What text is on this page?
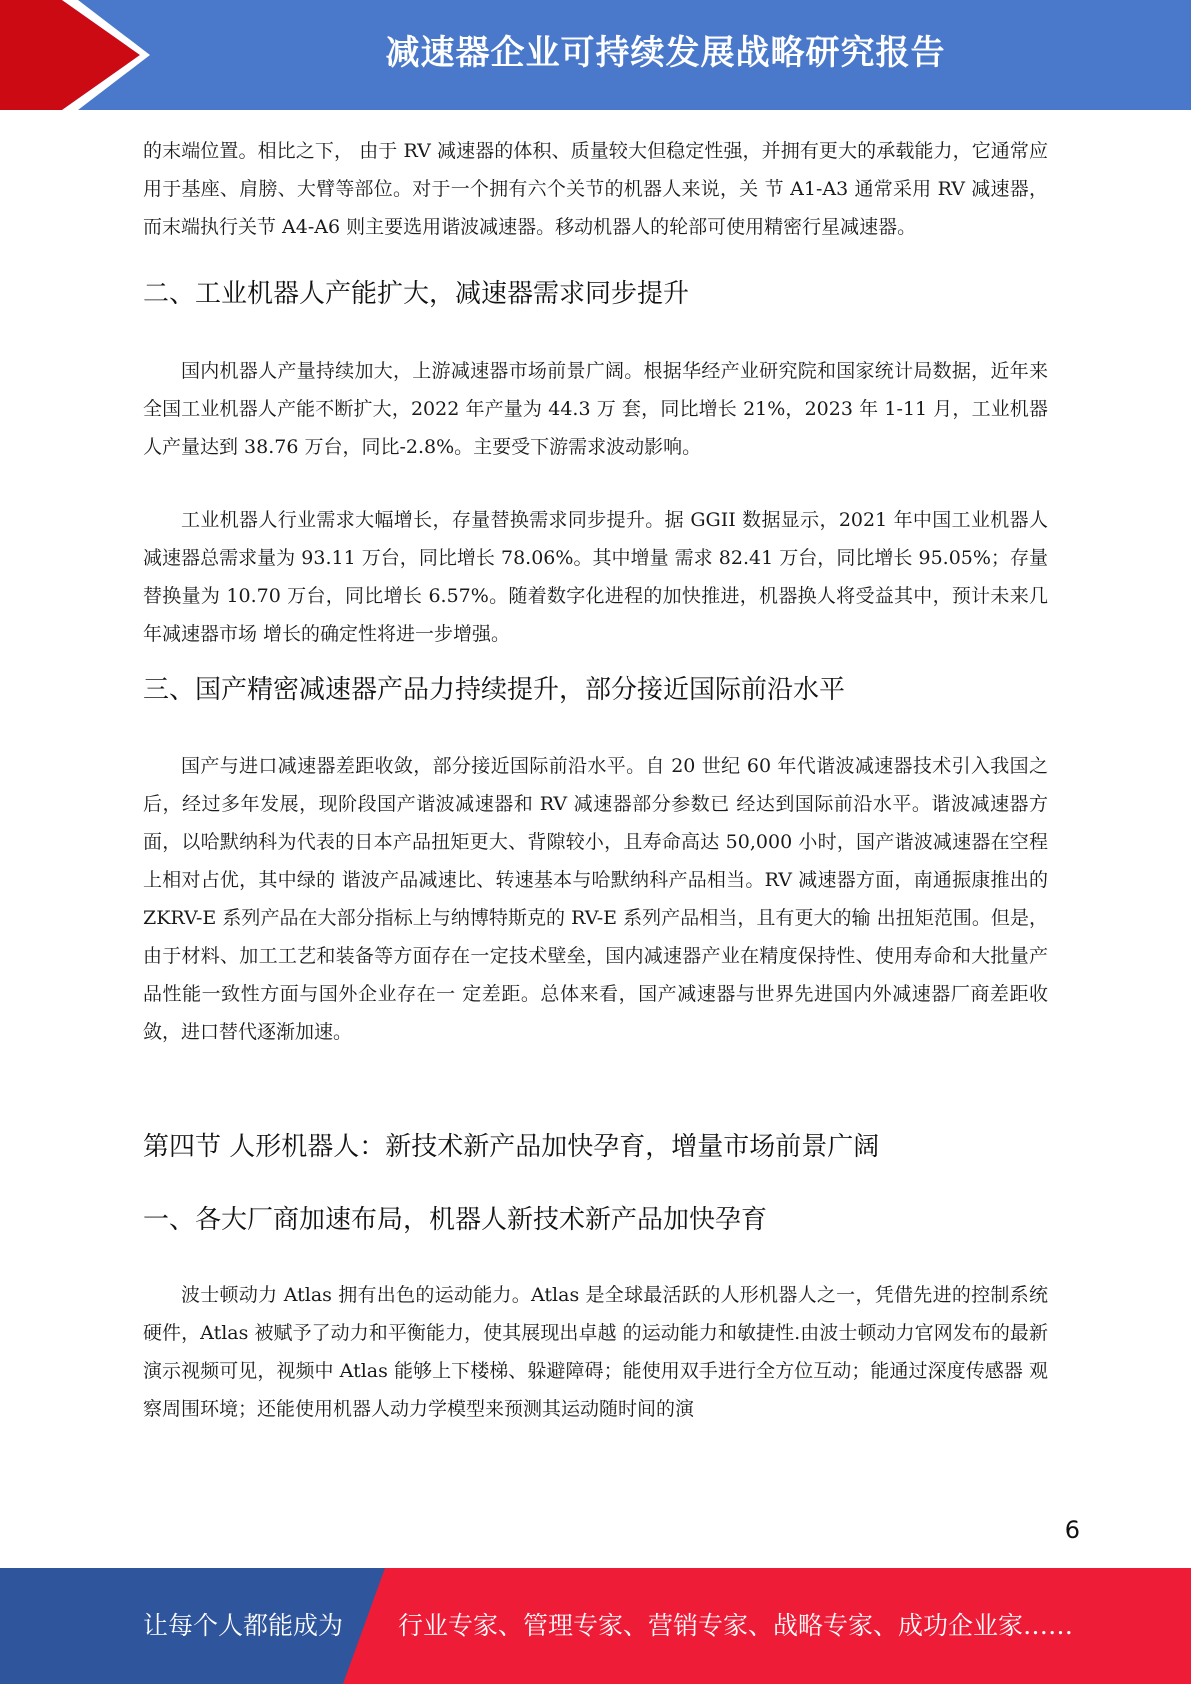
减速器企业可持续发展战略研究报告

的末端位置。相比之下， 由于 RV 减速器的体积、质量较大但稳定性强，并拥有更大的承载能力，它通常应用于基座、肩膀、大臂等部位。对于一个拥有六个关节的机器人来说，关 节 A1-A3 通常采用 RV 减速器，而末端执行关节 A4-A6 则主要选用谐波减速器。移动机器人的轮部可使用精密行星减速器。

二、工业机器人产能扩大，减速器需求同步提升

国内机器人产量持续加大，上游减速器市场前景广阔。根据华经产业研究院和国家统计局数据，近年来全国工业机器人产能不断扩大，2022 年产量为 44.3 万 套，同比增长 21%，2023 年 1-11 月，工业机器人产量达到 38.76 万台，同比-2.8%。主要受下游需求波动影响。

工业机器人行业需求大幅增长，存量替换需求同步提升。据 GGII 数据显示，2021 年中国工业机器人减速器总需求量为 93.11 万台，同比增长 78.06%。其中增量 需求 82.41 万台，同比增长 95.05%；存量替换量为 10.70 万台，同比增长 6.57%。随着数字化进程的加快推进，机器换人将受益其中，预计未来几年减速器市场 增长的确定性将进一步增强。

三、国产精密减速器产品力持续提升，部分接近国际前沿水平

国产与进口减速器差距收敛，部分接近国际前沿水平。自 20 世纪 60 年代谐波减速器技术引入我国之后，经过多年发展，现阶段国产谐波减速器和 RV 减速器部分参数已 经达到国际前沿水平。谐波减速器方面，以哈默纳科为代表的日本产品扭矩更大、背隙较小，且寿命高达 50,000 小时，国产谐波减速器在空程上相对占优，其中绿的 谐波产品减速比、转速基本与哈默纳科产品相当。RV 减速器方面，南通振康推出的 ZKRV-E 系列产品在大部分指标上与纳博特斯克的 RV-E 系列产品相当，且有更大的输 出扭矩范围。但是，由于材料、加工工艺和装备等方面存在一定技术壁垒，国内减速器产业在精度保持性、使用寿命和大批量产品性能一致性方面与国外企业存在一 定差距。总体来看，国产减速器与世界先进国内外减速器厂商差距收敛，进口替代逐渐加速。

第四节 人形机器人：新技术新产品加快孕育，增量市场前景广阔
一、各大厂商加速布局，机器人新技术新产品加快孕育

波士顿动力 Atlas 拥有出色的运动能力。Atlas 是全球最活跃的人形机器人之一，凭借先进的控制系统硬件，Atlas 被赋予了动力和平衡能力，使其展现出卓越 的运动能力和敏捷性.由波士顿动力官网发布的最新演示视频可见，视频中 Atlas 能够上下楼梯、躲避障碍；能使用双手进行全方位互动；能通过深度传感器 观察周围环境；还能使用机器人动力学模型来预测其运动随时间的演

6
让每个人都能成为 行业专家、管理专家、营销专家、战略专家、成功企业家……
